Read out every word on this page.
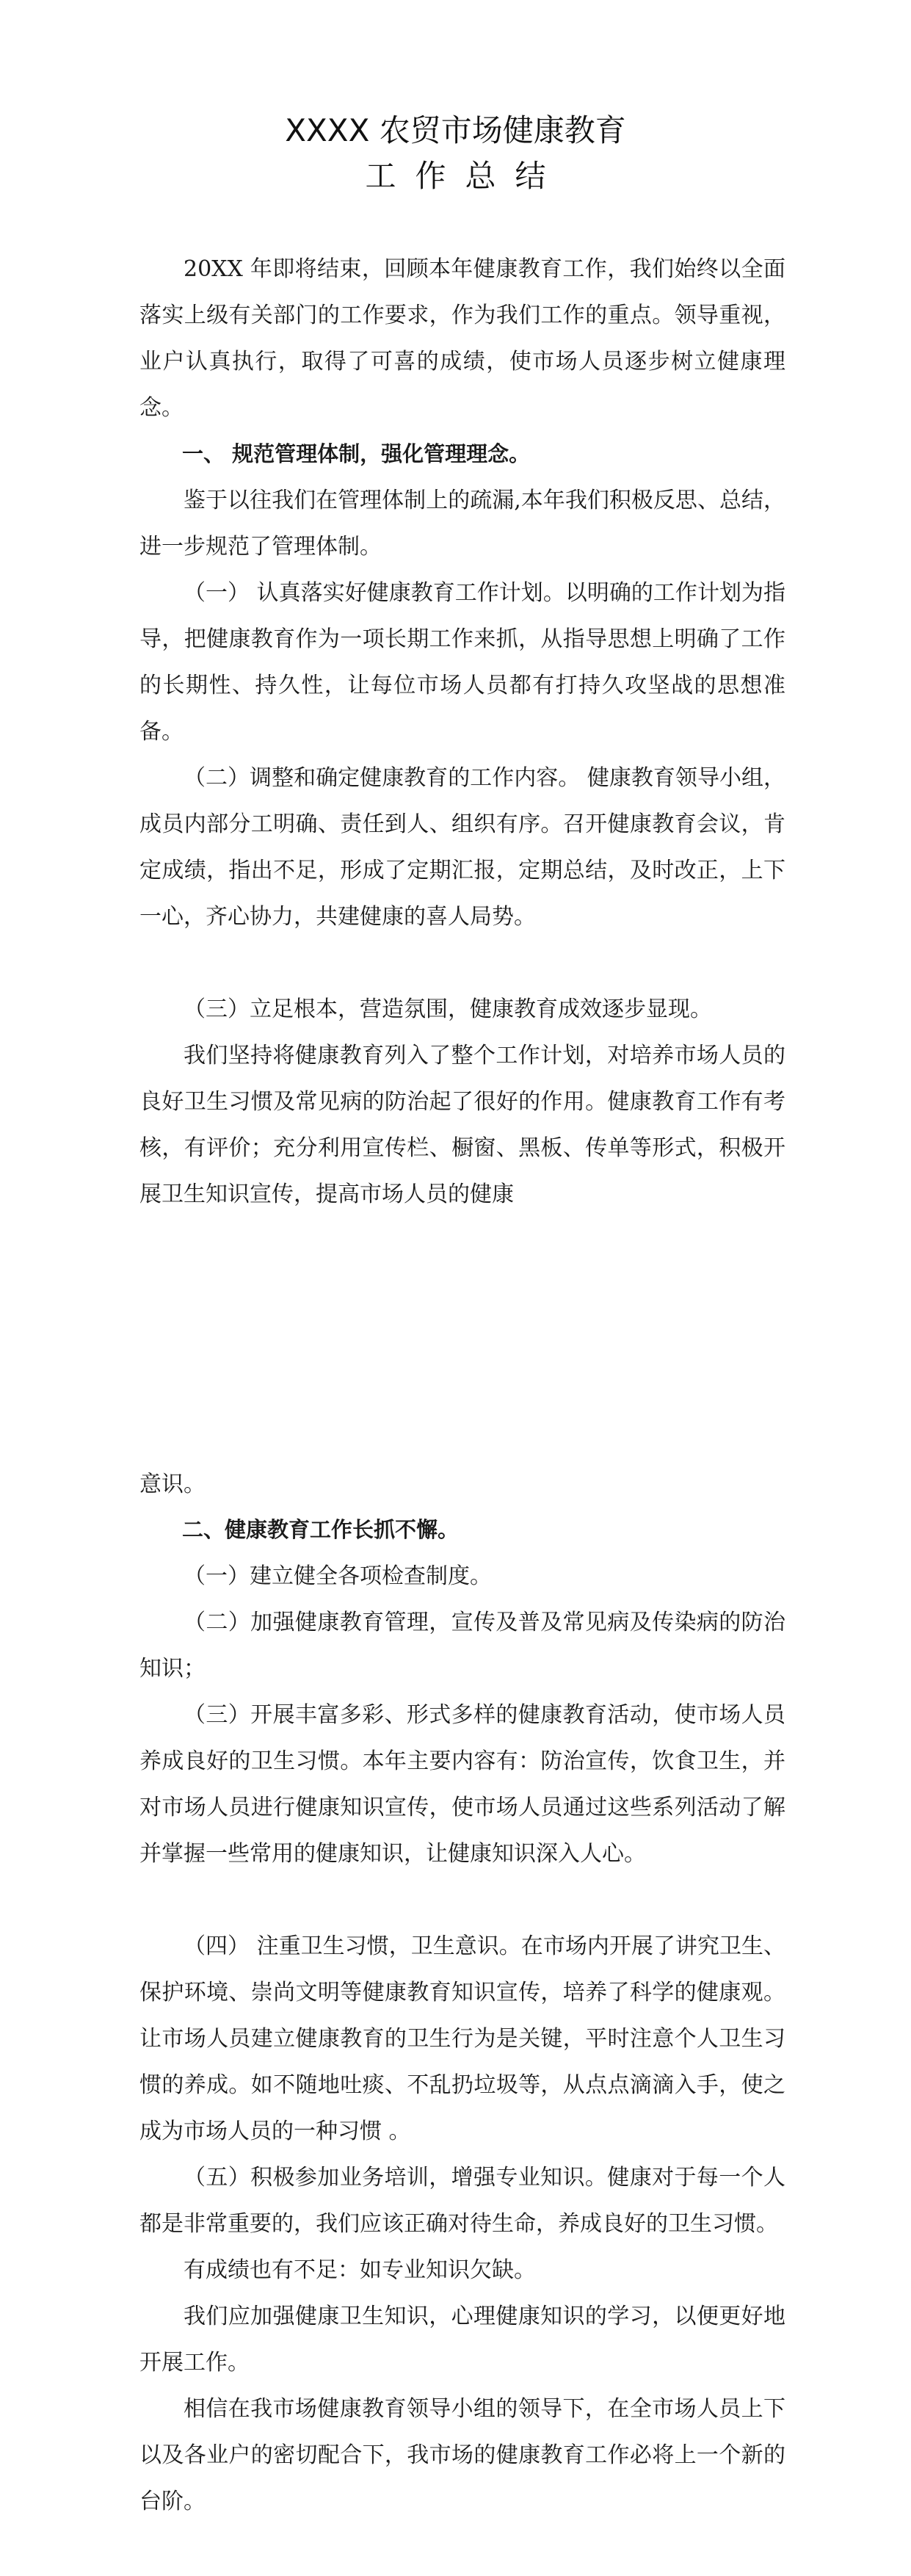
XXXX 农贸市场健康教育
工作总结

20XX 年即将结束，回顾本年健康教育工作，我们始终以全面落实上级有关部门的工作要求，作为我们工作的重点。领导重视，业户认真执行，取得了可喜的成绩，使市场人员逐步树立健康理念。

一、 规范管理体制，强化管理理念。

鉴于以往我们在管理体制上的疏漏,本年我们积极反思、总结，进一步规范了管理体制。

（一） 认真落实好健康教育工作计划。以明确的工作计划为指导，把健康教育作为一项长期工作来抓，从指导思想上明确了工作的长期性、持久性，让每位市场人员都有打持久攻坚战的思想准备。

（二）调整和确定健康教育的工作内容。 健康教育领导小组，成员内部分工明确、责任到人、组织有序。召开健康教育会议，肯定成绩，指出不足，形成了定期汇报，定期总结，及时改正，上下一心，齐心协力，共建健康的喜人局势。

（三）立足根本，营造氛围，健康教育成效逐步显现。

我们坚持将健康教育列入了整个工作计划，对培养市场人员的良好卫生习惯及常见病的防治起了很好的作用。健康教育工作有考核，有评价；充分利用宣传栏、橱窗、黑板、传单等形式，积极开展卫生知识宣传，提高市场人员的健康

意识。

二、健康教育工作长抓不懈。

（一）建立健全各项检查制度。

（二）加强健康教育管理，宣传及普及常见病及传染病的防治知识；

（三）开展丰富多彩、形式多样的健康教育活动，使市场人员养成良好的卫生习惯。本年主要内容有：防治宣传，饮食卫生，并对市场人员进行健康知识宣传，使市场人员通过这些系列活动了解并掌握一些常用的健康知识，让健康知识深入人心。

（四） 注重卫生习惯，卫生意识。在市场内开展了讲究卫生、保护环境、崇尚文明等健康教育知识宣传，培养了科学的健康观。让市场人员建立健康教育的卫生行为是关键，平时注意个人卫生习惯的养成。如不随地吐痰、不乱扔垃圾等，从点点滴滴入手，使之成为市场人员的一种习惯 。

（五）积极参加业务培训，增强专业知识。健康对于每一个人都是非常重要的，我们应该正确对待生命，养成良好的卫生习惯。

有成绩也有不足：如专业知识欠缺。

我们应加强健康卫生知识，心理健康知识的学习，以便更好地开展工作。

相信在我市场健康教育领导小组的领导下，在全市场人员上下以及各业户的密切配合下，我市场的健康教育工作必将上一个新的台阶。
